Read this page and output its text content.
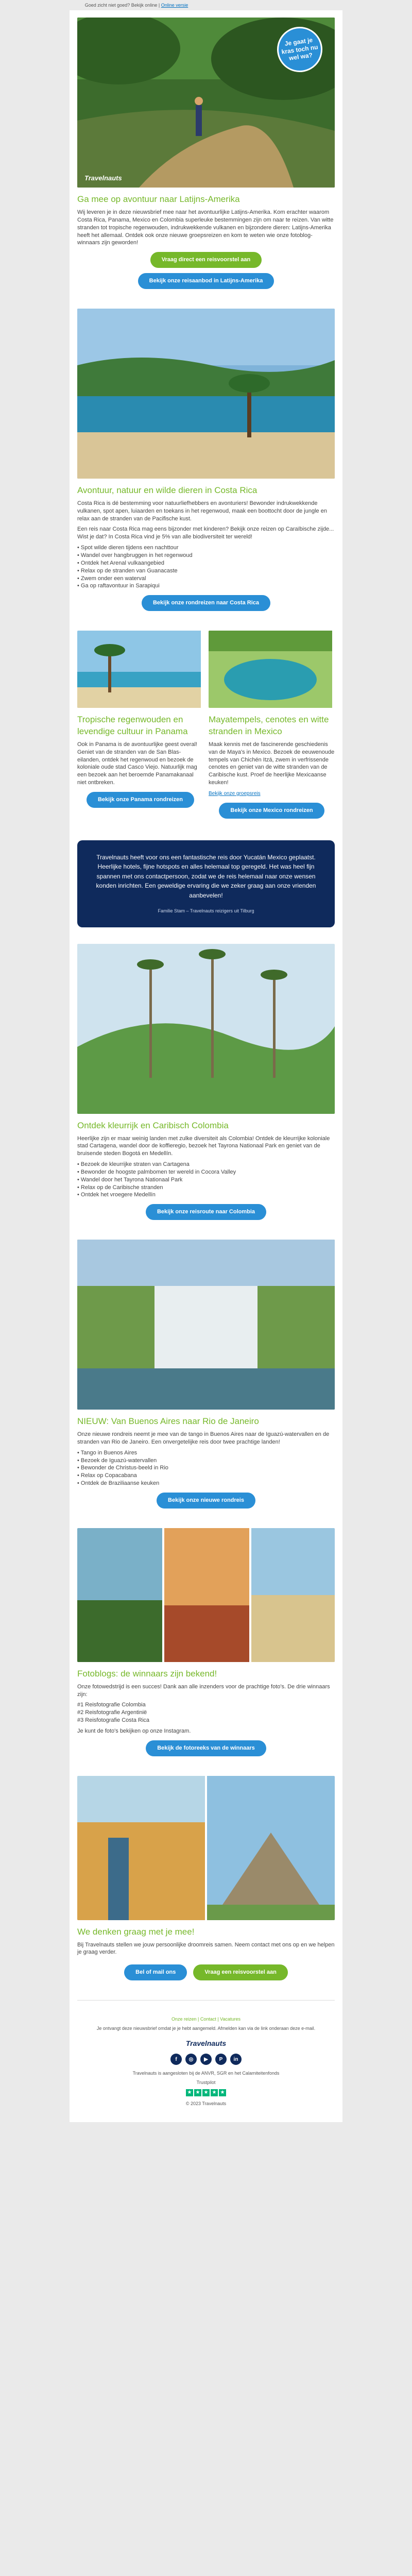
Goed zicht niet goed? Bekijk online | Online versie
Je gaat je kras toch nu wel wa?
Travelnauts
Ga mee op avontuur naar Latijns-Amerika

Wij leveren je in deze nieuwsbrief mee naar het avontuurlijke Latijns-Amerika. Kom erachter waarom Costa Rica, Panama, Mexico en Colombia superleuke bestemmingen zijn om naar te reizen. Van witte stranden tot tropische regenwouden, indrukwekkende vulkanen en bijzondere dieren: Latijns-Amerika heeft het allemaal. Ontdek ook onze nieuwe groepsreizen en kom te weten wie onze fotoblog-winnaars zijn geworden!

Vraag direct een reisvoorstel aan
Bekijk onze reisaanbod in Latijns-Amerika
Avontuur, natuur en wilde dieren in Costa Rica

Costa Rica is dé bestemming voor natuurliefhebbers en avonturiers! Bewonder indrukwekkende vulkanen, spot apen, luiaarden en toekans in het regenwoud, maak een boottocht door de jungle en relax aan de stranden van de Pacifische kust.

Een reis naar Costa Rica mag eens bijzonder met kinderen? Bekijk onze reizen op Caraïbische zijde... Wist je dat? In Costa Rica vind je 5% van alle biodiversiteit ter wereld!

• Spot wilde dieren tijdens een nachttour
• Wandel over hangbruggen in het regenwoud
• Ontdek het Arenal vulkaangebied
• Relax op de stranden van Guanacaste
• Zwem onder een waterval
• Ga op raftavontuur in Sarapiqui
Bekijk onze rondreizen naar Costa Rica
Tropische regenwouden en levendige cultuur in Panama

Ook in Panama is de avontuurlijke geest overal! Geniet van de stranden van de San Blas-eilanden, ontdek het regenwoud en bezoek de koloniale oude stad Casco Viejo. Natuurlijk mag een bezoek aan het beroemde Panamakanaal niet ontbreken.

Bekijk onze Panama rondreizen
Mayatempels, cenotes en witte stranden in Mexico

Maak kennis met de fascinerende geschiedenis van de Maya's in Mexico. Bezoek de eeuwenoude tempels van Chichén Itzá, zwem in verfrissende cenotes en geniet van de witte stranden van de Caribische kust. Proef de heerlijke Mexicaanse keuken!

Bekijk onze groepsreis
Bekijk onze Mexico rondreizen
Travelnauts heeft voor ons een fantastische reis door Yucatán Mexico geplaatst. Heerlijke hotels, fijne hotspots en alles helemaal top geregeld. Het was heel fijn spannen met ons contactpersoon, zodat we de reis helemaal naar onze wensen konden inrichten. Een geweldige ervaring die we zeker graag aan onze vrienden aanbevelen!
Familie Stam – Travelnauts reizigers uit Tilburg
Ontdek kleurrijk en Caribisch Colombia

Heerlijke zijn er maar weinig landen met zulke diversiteit als Colombia! Ontdek de kleurrijke koloniale stad Cartagena, wandel door de koffieregio, bezoek het Tayrona Nationaal Park en geniet van de bruisende steden Bogotá en Medellín.

• Bezoek de kleurrijke straten van Cartagena
• Bewonder de hoogste palmbomen ter wereld in Cocora Valley
• Wandel door het Tayrona Nationaal Park
• Relax op de Caribische stranden
• Ontdek het vroegere Medellín
Bekijk onze reisroute naar Colombia
NIEUW: Van Buenos Aires naar Rio de Janeiro

Onze nieuwe rondreis neemt je mee van de tango in Buenos Aires naar de Iguazú-watervallen en de stranden van Rio de Janeiro. Een onvergetelijke reis door twee prachtige landen!

• Tango in Buenos Aires
• Bezoek de Iguazú-watervallen
• Bewonder de Christus-beeld in Rio
• Relax op Copacabana
• Ontdek de Braziliaanse keuken
Bekijk onze nieuwe rondreis
Fotoblogs: de winnaars zijn bekend!

Onze fotowedstrijd is een succes! Dank aan alle inzenders voor de prachtige foto's. De drie winnaars zijn:

#1 Reisfotografie Colombia
#2 Reisfotografie Argentinië
#3 Reisfotografie Costa Rica

Je kunt de foto's bekijken op onze Instagram.

Bekijk de fotoreeks van de winnaars
We denken graag met je mee!

Bij Travelnauts stellen we jouw persoonlijke droomreis samen. Neem contact met ons op en we helpen je graag verder.

Bel of mail ons	Vraag een reisvoorstel aan
Onze reizen | Contact | Vacatures
Je ontvangt deze nieuwsbrief omdat je je hebt aangemeld. Afmelden kan via de link onderaan deze e-mail.
Travelnauts
f	◎	▶	P	in
Travelnauts is aangesloten bij de ANVR, SGR en het Calamiteitenfonds
Trustpilot
★ ★ ★ ★ ★
© 2023 Travelnauts
